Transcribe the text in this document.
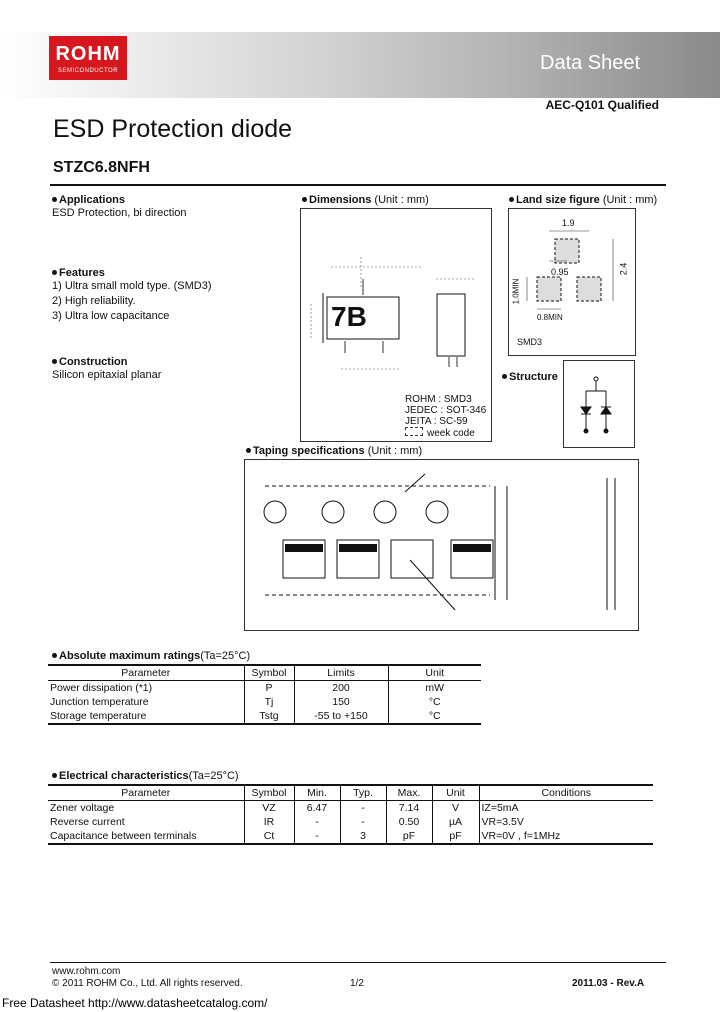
ROHM
SEMICONDUCTOR	Data Sheet
AEC-Q101 Qualified
ESD Protection diode
STZC6.8NFH
Applications
ESD Protection, bi direction
Features
1) Ultra small mold type. (SMD3)
2) High reliability.
3) Ultra low capacitance
Construction
Silicon epitaxial planar
Dimensions (Unit : mm)
7B
ROHM : SMD3
JEDEC : SOT-346
JEITA : SC-59
week code
Land size figure (Unit : mm)
1.9
0.95	2.4
1.0MIN
0.8MIN
SMD3
Structure
Taping specifications (Unit : mm)
Absolute maximum ratings(Ta=25°C)
Parameter	Symbol	Limits	Unit
Power dissipation (*1)	P	200	mW
Junction temperature	Tj	150	°C
Storage temperature	Tstg	-55 to +150	°C
Electrical characteristics(Ta=25°C)
Parameter	Symbol	Min.	Typ.	Max.	Unit	Conditions
Zener voltage	VZ	6.47	-	7.14	V	IZ=5mA
Reverse current	IR	-	-	0.50	µA	VR=3.5V
Capacitance between terminals	Ct	-	3	pF	pF	VR=0V , f=1MHz
www.rohm.com
© 2011 ROHM Co., Ltd. All rights reserved.	1/2	2011.03 - Rev.A
Free Datasheet http://www.datasheetcatalog.com/
